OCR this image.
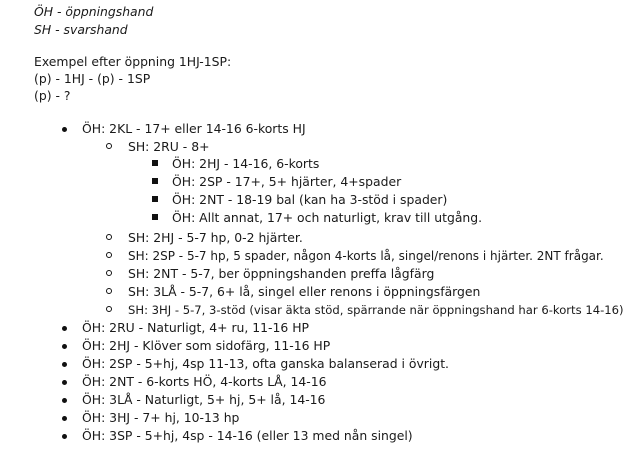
ÖH - öppningshand
SH - svarshand
Exempel efter öppning 1HJ-1SP:
(p) - 1HJ - (p) - 1SP
(p) - ?
ÖH: 2KL - 17+ eller 14-16 6-korts HJ
SH: 2RU - 8+
ÖH: 2HJ - 14-16, 6-korts
ÖH: 2SP - 17+, 5+ hjärter, 4+spader
ÖH: 2NT - 18-19 bal (kan ha 3-stöd i spader)
ÖH: Allt annat, 17+ och naturligt, krav till utgång.
SH: 2HJ - 5-7 hp, 0-2 hjärter.
SH: 2SP - 5-7 hp, 5 spader, någon 4-korts lå, singel/renons i hjärter. 2NT frågar.
SH: 2NT - 5-7, ber öppningshanden preffa lågfärg
SH: 3LÅ - 5-7, 6+ lå, singel eller renons i öppningsfärgen
SH: 3HJ - 5-7, 3-stöd (visar äkta stöd, spärrande när öppningshand har 6-korts 14-16)
ÖH: 2RU - Naturligt, 4+ ru, 11-16 HP
ÖH: 2HJ - Klöver som sidofärg, 11-16 HP
ÖH: 2SP - 5+hj, 4sp 11-13, ofta ganska balanserad i övrigt.
ÖH: 2NT - 6-korts HÖ, 4-korts LÅ, 14-16
ÖH: 3LÅ - Naturligt, 5+ hj, 5+ lå, 14-16
ÖH: 3HJ - 7+ hj, 10-13 hp
ÖH: 3SP - 5+hj, 4sp - 14-16 (eller 13 med nån singel)
